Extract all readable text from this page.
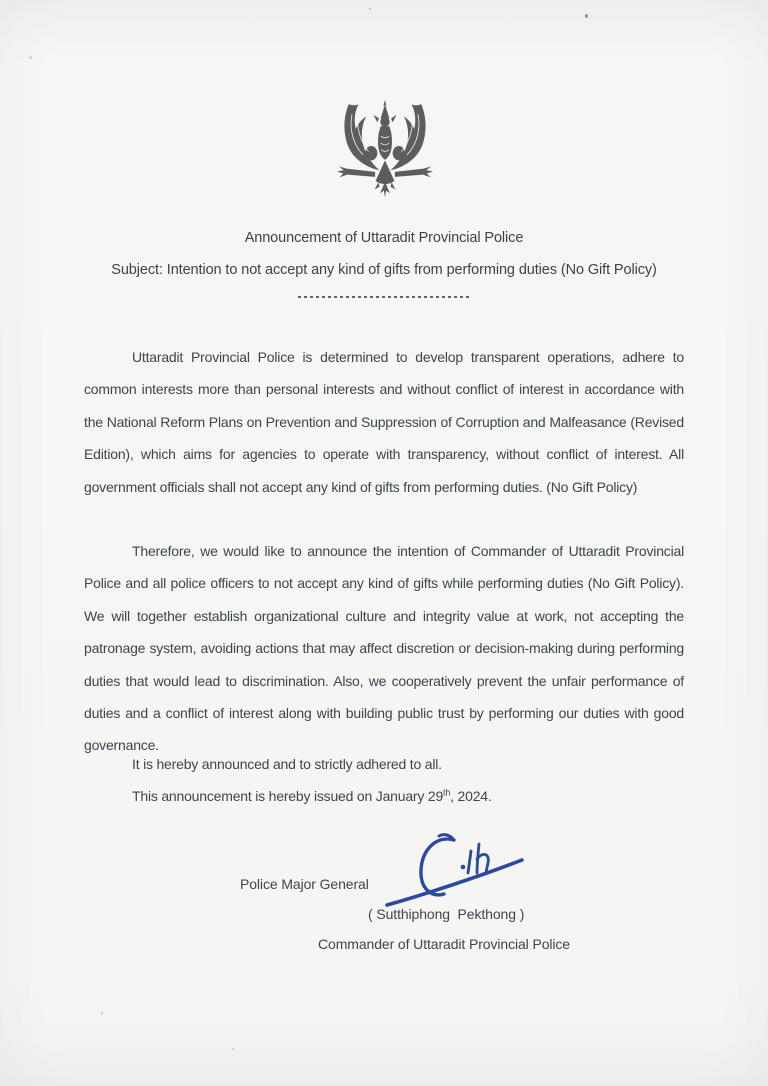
Announcement of Uttaradit Provincial Police
Subject: Intention to not accept any kind of gifts from performing duties (No Gift Policy)

Uttaradit Provincial Police is determined to develop transparent operations, adhere to common interests more than personal interests and without conflict of interest in accordance with the National Reform Plans on Prevention and Suppression of Corruption and Malfeasance (Revised Edition), which aims for agencies to operate with transparency, without conflict of interest. All government officials shall not accept any kind of gifts from performing duties. (No Gift Policy)

Therefore, we would like to announce the intention of Commander of Uttaradit Provincial Police and all police officers to not accept any kind of gifts while performing duties (No Gift Policy). We will together establish organizational culture and integrity value at work, not accepting the patronage system, avoiding actions that may affect discretion or decision-making during performing duties that would lead to discrimination. Also, we cooperatively prevent the unfair performance of duties and a conflict of interest along with building public trust by performing our duties with good governance.

It is hereby announced and to strictly adhered to all.

This announcement is hereby issued on January 29th, 2024.

Police Major General
( Sutthiphong  Pekthong )
Commander of Uttaradit Provincial Police
